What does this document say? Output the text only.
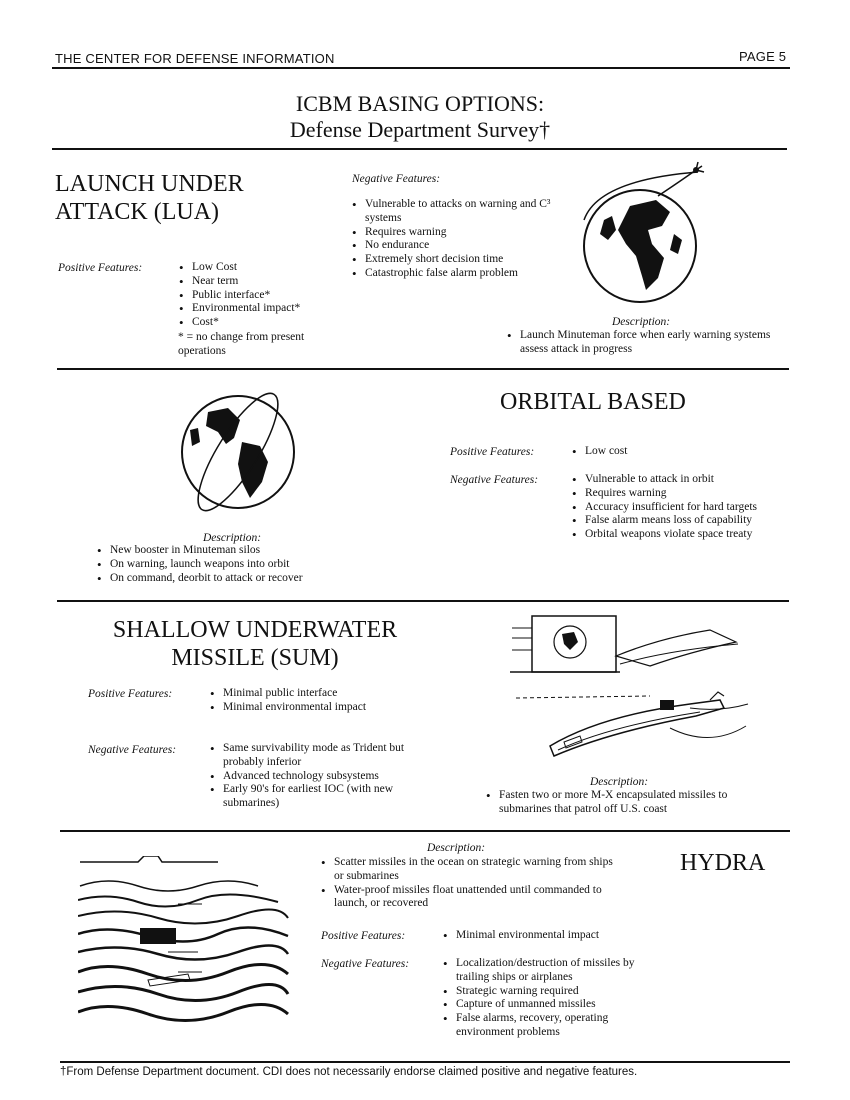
THE CENTER FOR DEFENSE INFORMATION	PAGE 5
ICBM BASING OPTIONS:
Defense Department Survey†
LAUNCH UNDER
ATTACK (LUA)
Positive Features:	• Low Cost
• Near term
• Public interface*
• Environmental impact*
• Cost*
* = no change from present operations
Negative Features:
• Vulnerable to attacks on warning and C³ systems
• Requires warning
• No endurance
• Extremely short decision time
• Catastrophic false alarm problem
Description:
• Launch Minuteman force when early warning systems assess attack in progress
ORBITAL BASED
Positive Features:	• Low cost
Negative Features:	• Vulnerable to attack in orbit
• Requires warning
• Accuracy insufficient for hard targets
• False alarm means loss of capability
• Orbital weapons violate space treaty
Description:
• New booster in Minuteman silos
• On warning, launch weapons into orbit
• On command, deorbit to attack or recover
SHALLOW UNDERWATER
MISSILE (SUM)
Positive Features:	• Minimal public interface
• Minimal environmental impact
Negative Features:	• Same survivability mode as Trident but probably inferior
• Advanced technology subsystems
• Early 90's for earliest IOC (with new submarines)
Description:
• Fasten two or more M-X encapsulated missiles to submarines that patrol off U.S. coast
Description:
• Scatter missiles in the ocean on strategic warning from ships or submarines
• Water-proof missiles float unattended until commanded to launch, or recovered
HYDRA
Positive Features:	• Minimal environmental impact
Negative Features:	• Localization/destruction of missiles by trailing ships or airplanes
• Strategic warning required
• Capture of unmanned missiles
• False alarms, recovery, operating environment problems
†From Defense Department document. CDI does not necessarily endorse claimed positive and negative features.
